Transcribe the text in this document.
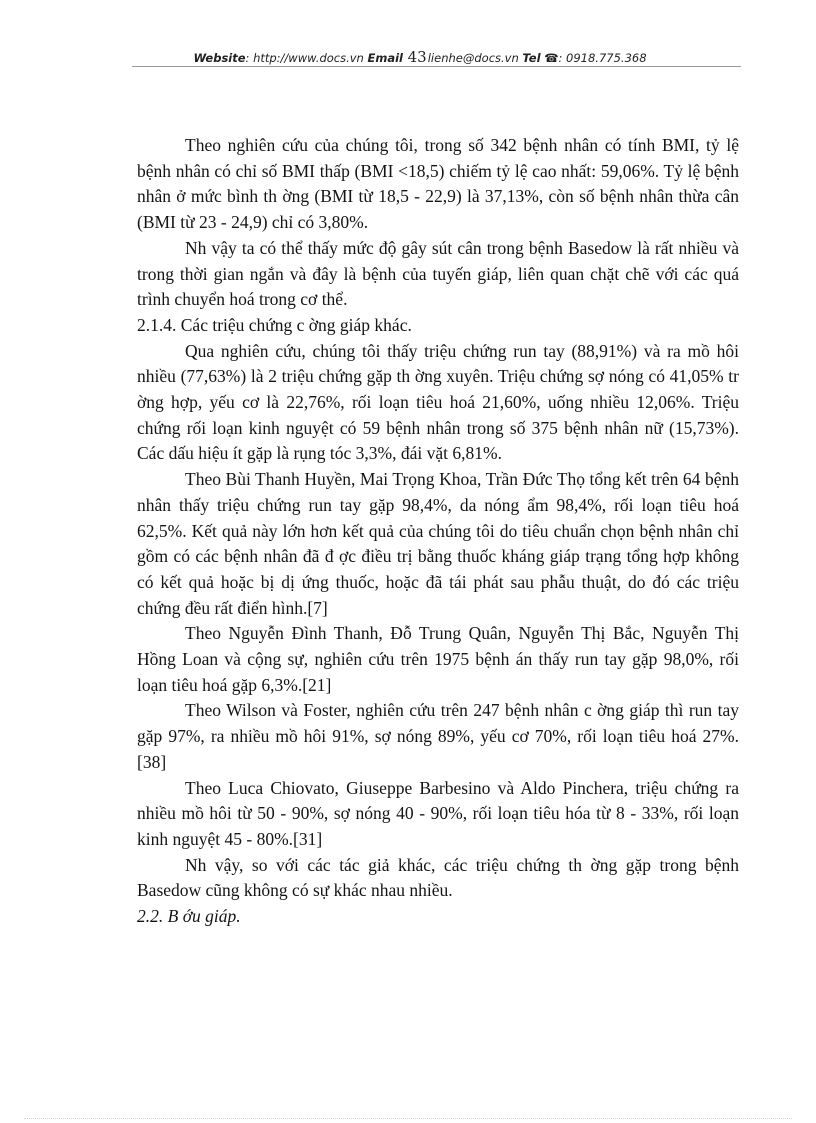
Website: http://www.docs.vn Email 43lienhe@docs.vn Tel ☎: 0918.775.368

Theo nghiên cứu của chúng tôi, trong số 342 bệnh nhân có tính BMI, tỷ lệ bệnh nhân có chỉ số BMI thấp (BMI <18,5) chiếm tỷ lệ cao nhất: 59,06%. Tỷ lệ bệnh nhân ở mức bình th ờng (BMI từ 18,5 - 22,9) là 37,13%, còn số bệnh nhân thừa cân (BMI từ 23 - 24,9) chỉ có 3,80%.

Nh vậy ta có thể thấy mức độ gây sút cân trong bệnh Basedow là rất nhiều và trong thời gian ngắn và đây là bệnh của tuyến giáp, liên quan chặt chẽ với các quá trình chuyển hoá trong cơ thể.

2.1.4. Các triệu chứng c ờng giáp khác.

Qua nghiên cứu, chúng tôi thấy triệu chứng run tay (88,91%) và ra mồ hôi nhiều (77,63%) là 2 triệu chứng gặp th ờng xuyên. Triệu chứng sợ nóng có 41,05% tr ờng hợp, yếu cơ là 22,76%, rối loạn tiêu hoá 21,60%, uống nhiều 12,06%. Triệu chứng rối loạn kinh nguyệt có 59 bệnh nhân trong số 375 bệnh nhân nữ (15,73%). Các dấu hiệu ít gặp là rụng tóc 3,3%, đái vặt 6,81%.

Theo Bùi Thanh Huyền, Mai Trọng Khoa, Trần Đức Thọ tổng kết trên 64 bệnh nhân thấy triệu chứng run tay gặp 98,4%, da nóng ẩm 98,4%, rối loạn tiêu hoá 62,5%. Kết quả này lớn hơn kết quả của chúng tôi do tiêu chuẩn chọn bệnh nhân chỉ gồm có các bệnh nhân đã đ ợc điều trị bằng thuốc kháng giáp trạng tổng hợp không có kết quả hoặc bị dị ứng thuốc, hoặc đã tái phát sau phẫu thuật, do đó các triệu chứng đều rất điển hình.[7]

Theo Nguyễn Đình Thanh, Đỗ Trung Quân, Nguyễn Thị Bắc, Nguyễn Thị Hồng Loan và cộng sự, nghiên cứu trên 1975 bệnh án thấy run tay gặp 98,0%, rối loạn tiêu hoá gặp 6,3%.[21]

Theo Wilson và Foster, nghiên cứu trên 247 bệnh nhân c ờng giáp thì run tay gặp 97%, ra nhiều mồ hôi 91%, sợ nóng 89%, yếu cơ 70%, rối loạn tiêu hoá 27%.[38]

Theo Luca Chiovato, Giuseppe Barbesino và Aldo Pinchera, triệu chứng ra nhiều mồ hôi từ 50 - 90%, sợ nóng 40 - 90%, rối loạn tiêu hóa từ 8 - 33%, rối loạn kinh nguyệt 45 - 80%.[31]

Nh vậy, so với các tác giả khác, các triệu chứng th ờng gặp trong bệnh Basedow cũng không có sự khác nhau nhiều.

2.2. B ớu giáp.
